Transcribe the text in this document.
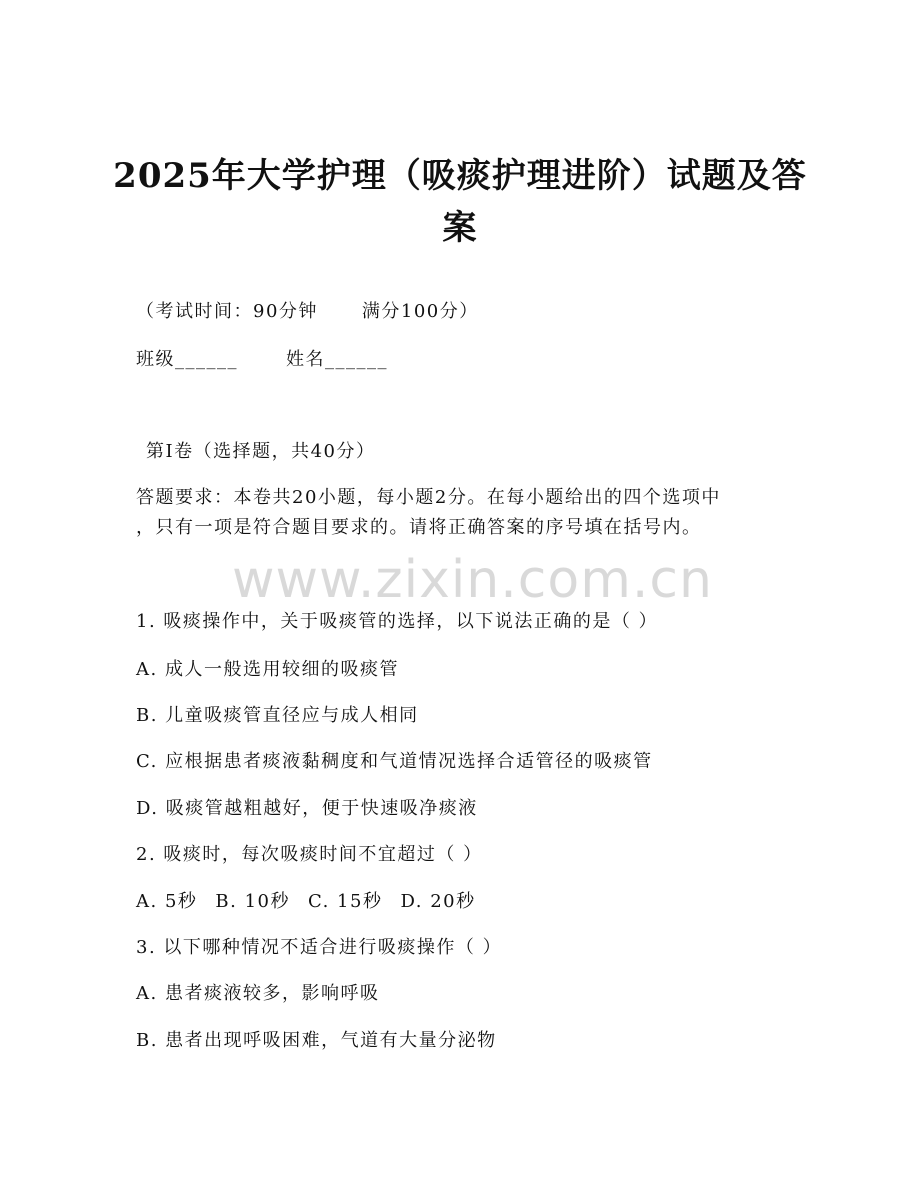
2025年大学护理（吸痰护理进阶）试题及答
案
（考试时间：90分钟 满分100分）
班级______	姓名______
第I卷（选择题，共40分）
答题要求：本卷共20小题，每小题2分。在每小题给出的四个选项中
，只有一项是符合题目要求的。请将正确答案的序号填在括号内。
www.zixin.com.cn
1. 吸痰操作中，关于吸痰管的选择，以下说法正确的是（ ）
A. 成人一般选用较细的吸痰管
B. 儿童吸痰管直径应与成人相同
C. 应根据患者痰液黏稠度和气道情况选择合适管径的吸痰管
D. 吸痰管越粗越好，便于快速吸净痰液
2. 吸痰时，每次吸痰时间不宜超过（ ）
A. 5秒 B. 10秒 C. 15秒 D. 20秒
3. 以下哪种情况不适合进行吸痰操作（ ）
A. 患者痰液较多，影响呼吸
B. 患者出现呼吸困难，气道有大量分泌物
